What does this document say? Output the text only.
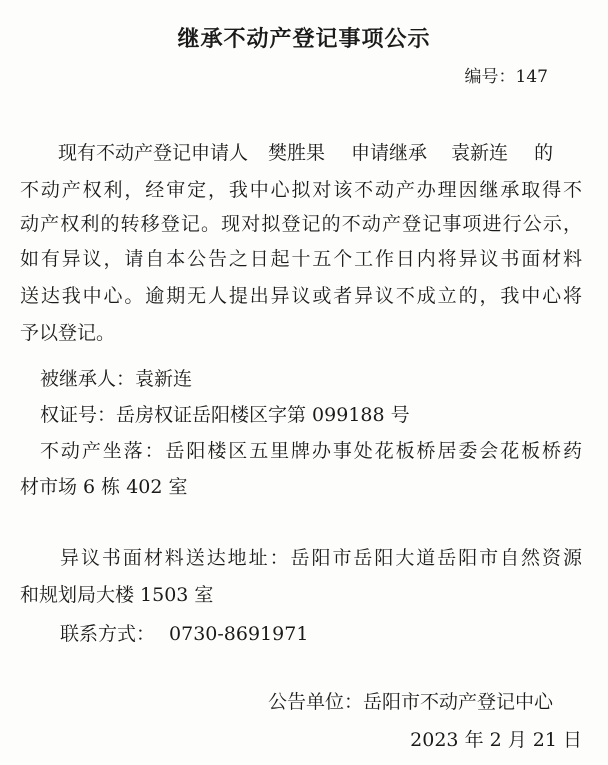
继承不动产登记事项公示
编号：147
现有不动产登记申请人 樊胜果 申请继承 袁新连 的
不动产权利，经审定，我中心拟对该不动产办理因继承取得不
动产权利的转移登记。现对拟登记的不动产登记事项进行公示，
如有异议，请自本公告之日起十五个工作日内将异议书面材料
送达我中心。逾期无人提出异议或者异议不成立的，我中心将
予以登记。
被继承人：袁新连
权证号：岳房权证岳阳楼区字第 099188 号
不动产坐落：岳阳楼区五里牌办事处花板桥居委会花板桥药
材市场 6 栋 402 室
异议书面材料送达地址：岳阳市岳阳大道岳阳市自然资源
和规划局大楼 1503 室
联系方式： 0730-8691971
公告单位：岳阳市不动产登记中心
2023 年 2 月 21 日
